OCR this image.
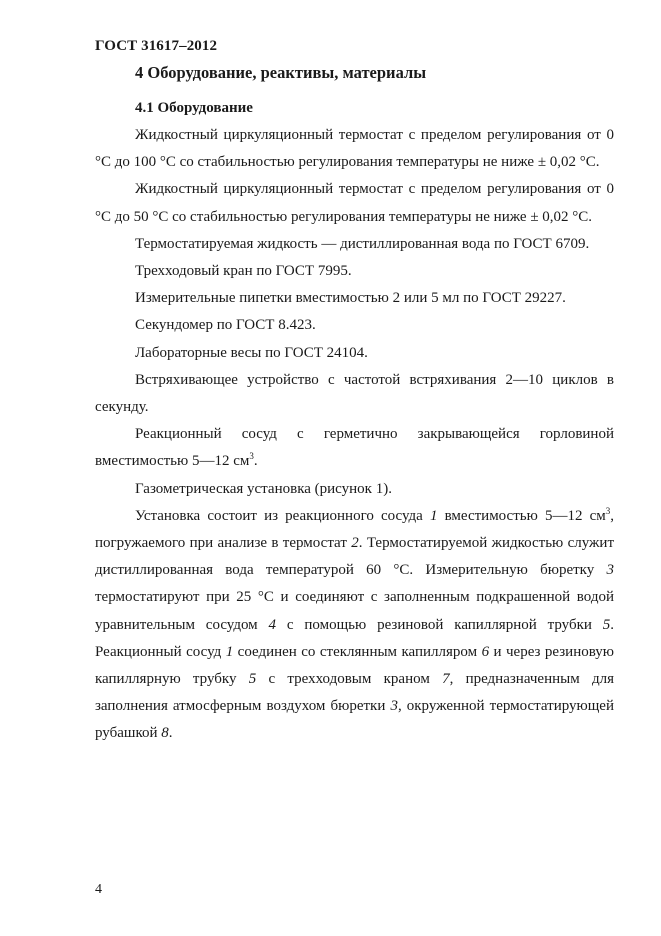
ГОСТ 31617–2012
4 Оборудование, реактивы, материалы
4.1 Оборудование

Жидкостный циркуляционный термостат с пределом регулирования от 0 °С до 100 °С со стабильностью регулирования температуры не ниже ± 0,02 °С.

Жидкостный циркуляционный термостат с пределом регулирования от 0 °С до 50 °С со стабильностью регулирования температуры не ниже ± 0,02 °С.

Термостатируемая жидкость — дистиллированная вода по ГОСТ 6709.

Трехходовый кран по ГОСТ 7995.

Измерительные пипетки вместимостью 2 или 5 мл по ГОСТ 29227.

Секундомер по ГОСТ 8.423.

Лабораторные весы по ГОСТ 24104.

Встряхивающее устройство с частотой встряхивания 2—10 циклов в секунду.

Реакционный сосуд с герметично закрывающейся горловиной вместимостью 5—12 $см^3$.

Газометрическая установка (рисунок 1).

Установка состоит из реакционного сосуда 1 вместимостью 5—12 $см^3$, погружаемого при анализе в термостат 2. Термостатируемой жидкостью служит дистиллированная вода температурой 60 °С. Измерительную бюретку 3 термостатируют при 25 °С и соединяют с заполненным подкрашенной водой уравнительным сосудом 4 с помощью резиновой капиллярной трубки 5. Реакционный сосуд 1 соединен со стеклянным капилляром 6 и через резиновую капиллярную трубку 5 с трехходовым краном 7, предназначенным для заполнения атмосферным воздухом бюретки 3, окруженной термостатирующей рубашкой 8.

4
